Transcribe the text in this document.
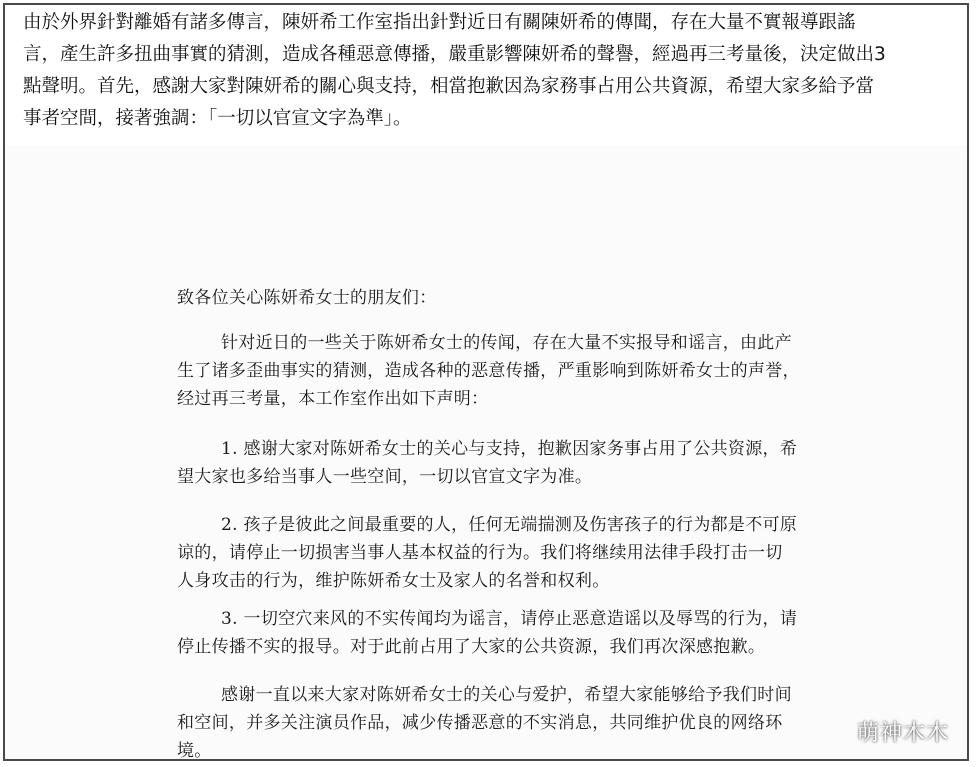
由於外界針對離婚有諸多傳言，陳妍希工作室指出針對近日有關陳妍希的傳聞，存在大量不實報導跟謠
言，產生許多扭曲事實的猜測，造成各種惡意傳播，嚴重影響陳妍希的聲譽，經過再三考量後，決定做出3
點聲明。首先，感謝大家對陳妍希的關心與支持，相當抱歉因為家務事占用公共資源，希望大家多給予當
事者空間，接著強調：「一切以官宣文字為準」。
致各位关心陈妍希女士的朋友们：
针对近日的一些关于陈妍希女士的传闻，存在大量不实报导和谣言，由此产
生了诸多歪曲事实的猜测，造成各种的恶意传播，严重影响到陈妍希女士的声誉，
经过再三考量，本工作室作出如下声明：
1. 感谢大家对陈妍希女士的关心与支持，抱歉因家务事占用了公共资源，希
望大家也多给当事人一些空间，一切以官宣文字为准。
2. 孩子是彼此之间最重要的人，任何无端揣测及伤害孩子的行为都是不可原
谅的，请停止一切损害当事人基本权益的行为。我们将继续用法律手段打击一切
人身攻击的行为，维护陈妍希女士及家人的名誉和权利。
3. 一切空穴来风的不实传闻均为谣言，请停止恶意造谣以及辱骂的行为，请
停止传播不实的报导。对于此前占用了大家的公共资源，我们再次深感抱歉。
感谢一直以来大家对陈妍希女士的关心与爱护，希望大家能够给予我们时间
和空间，并多关注演员作品，减少传播恶意的不实消息，共同维护优良的网络环
境。
萌神木木
